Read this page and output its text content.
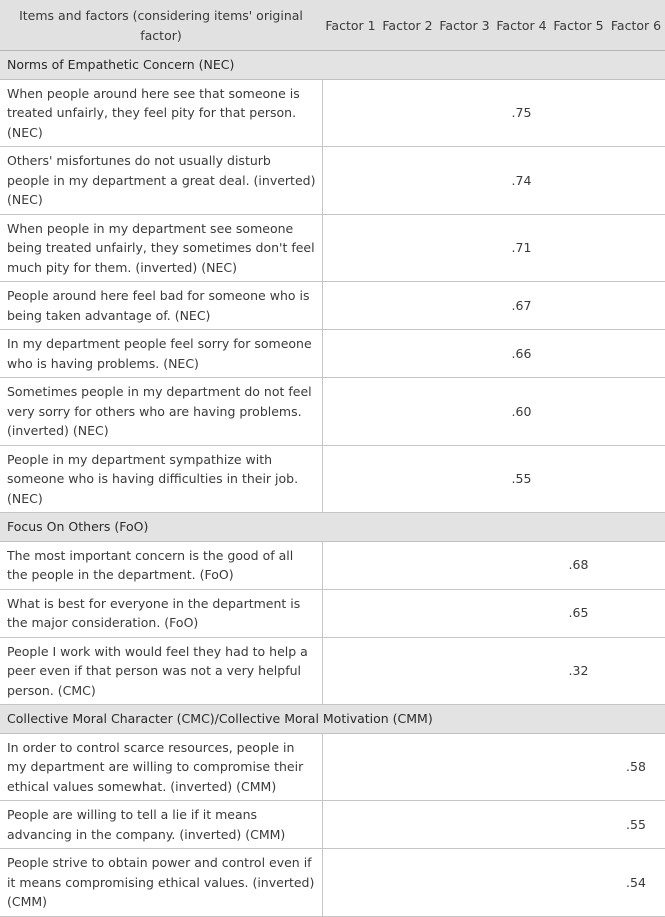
Items and factors (considering items' original factor)	Factor 1	Factor 2	Factor 3	Factor 4	Factor 5	Factor 6
Norms of Empathetic Concern (NEC)						
When people around here see that someone is treated unfairly, they feel pity for that person. (NEC)				.75		
Others' misfortunes do not usually disturb people in my department a great deal. (inverted) (NEC)				.74		
When people in my department see someone being treated unfairly, they sometimes don't feel much pity for them. (inverted) (NEC)				.71		
People around here feel bad for someone who is being taken advantage of. (NEC)				.67		
In my department people feel sorry for someone who is having problems. (NEC)				.66		
Sometimes people in my department do not feel very sorry for others who are having problems. (inverted) (NEC)				.60		
People in my department sympathize with someone who is having difficulties in their job. (NEC)				.55		
Focus On Others (FoO)						
The most important concern is the good of all the people in the department. (FoO)					.68	
What is best for everyone in the department is the major consideration. (FoO)					.65	
People I work with would feel they had to help a peer even if that person was not a very helpful person. (CMC)					.32	
Collective Moral Character (CMC)/Collective Moral Motivation (CMM)						
In order to control scarce resources, people in my department are willing to compromise their ethical values somewhat. (inverted) (CMM)						.58
People are willing to tell a lie if it means advancing in the company. (inverted) (CMM)						.55
People strive to obtain power and control even if it means compromising ethical values. (inverted) (CMM)						.54
